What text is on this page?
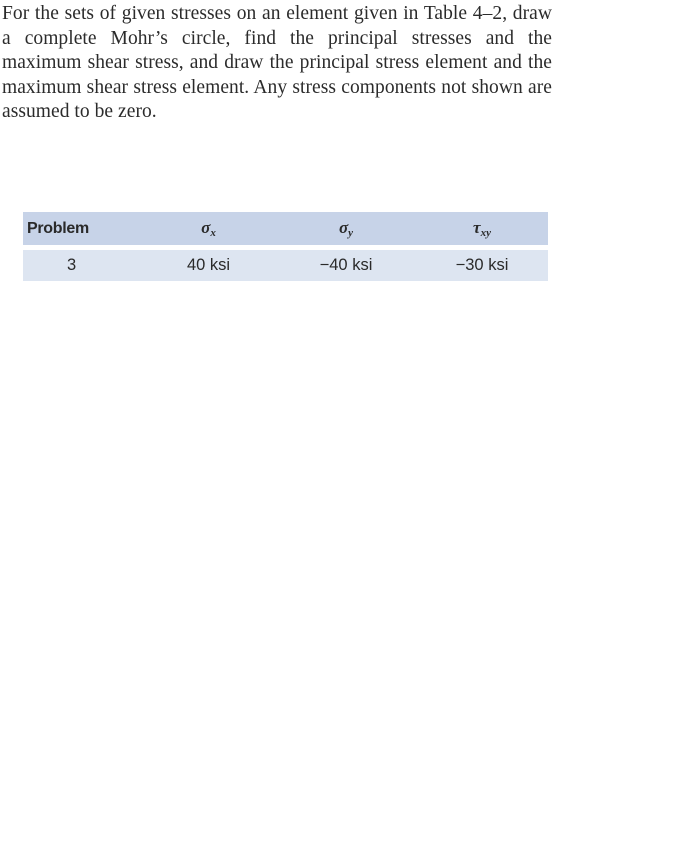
For the sets of given stresses on an element given in Table 4–2, draw a complete Mohr’s circle, find the principal stresses and the maximum shear stress, and draw the principal stress element and the maximum shear stress element. Any stress components not shown are assumed to be zero.

Problem	$\sigma_x$	$\sigma_y$	$\tau_{xy}$

3	40 ksi	−40 ksi	−30 ksi
